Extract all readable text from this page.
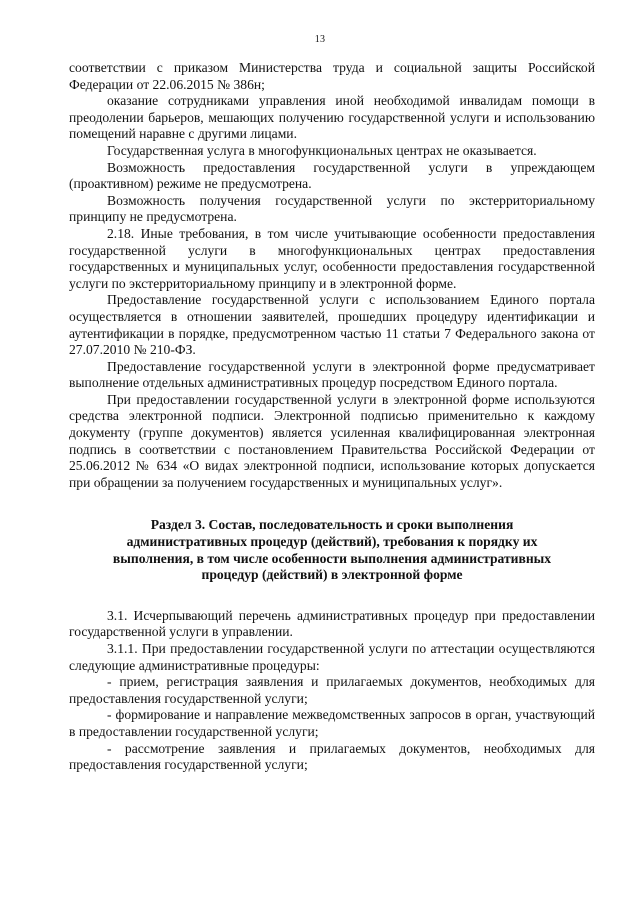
13

соответствии с приказом Министерства труда и социальной защиты Российской Федерации от 22.06.2015 № 386н;

оказание сотрудниками управления иной необходимой инвалидам помощи в преодолении барьеров, мешающих получению государственной услуги и использованию помещений наравне с другими лицами.

Государственная услуга в многофункциональных центрах не оказывается.

Возможность предоставления государственной услуги в упреждающем (проактивном) режиме не предусмотрена.

Возможность получения государственной услуги по экстерриториальному принципу не предусмотрена.

2.18. Иные требования, в том числе учитывающие особенности предоставления государственной услуги в многофункциональных центрах предоставления государственных и муниципальных услуг, особенности предоставления государственной услуги по экстерриториальному принципу и в электронной форме.

Предоставление государственной услуги с использованием Единого портала осуществляется в отношении заявителей, прошедших процедуру идентификации и аутентификации в порядке, предусмотренном частью 11 статьи 7 Федерального закона от 27.07.2010 № 210-ФЗ.

Предоставление государственной услуги в электронной форме предусматривает выполнение отдельных административных процедур посредством Единого портала.

При предоставлении государственной услуги в электронной форме используются средства электронной подписи. Электронной подписью применительно к каждому документу (группе документов) является усиленная квалифицированная электронная подпись в соответствии с постановлением Правительства Российской Федерации от 25.06.2012 № 634 «О видах электронной подписи, использование которых допускается при обращении за получением государственных и муниципальных услуг».

Раздел 3. Состав, последовательность и сроки выполнения
административных процедур (действий), требования к порядку их
выполнения, в том числе особенности выполнения административных
процедур (действий) в электронной форме

3.1. Исчерпывающий перечень административных процедур при предоставлении государственной услуги в управлении.

3.1.1. При предоставлении государственной услуги по аттестации осуществляются следующие административные процедуры:

- прием, регистрация заявления и прилагаемых документов, необходимых для предоставления государственной услуги;

- формирование и направление межведомственных запросов в орган, участвующий в предоставлении государственной услуги;

- рассмотрение заявления и прилагаемых документов, необходимых для предоставления государственной услуги;
